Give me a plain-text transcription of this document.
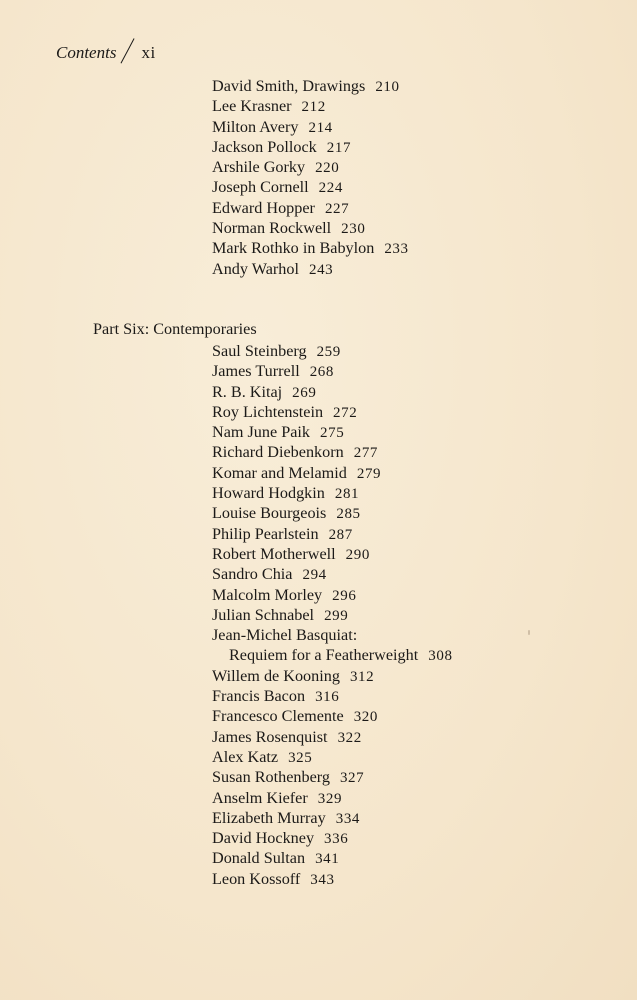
Contents xi
David Smith, Drawings 210
Lee Krasner 212
Milton Avery 214
Jackson Pollock 217
Arshile Gorky 220
Joseph Cornell 224
Edward Hopper 227
Norman Rockwell 230
Mark Rothko in Babylon 233
Andy Warhol 243
Part Six: Contemporaries
Saul Steinberg 259
James Turrell 268
R. B. Kitaj 269
Roy Lichtenstein 272
Nam June Paik 275
Richard Diebenkorn 277
Komar and Melamid 279
Howard Hodgkin 281
Louise Bourgeois 285
Philip Pearlstein 287
Robert Motherwell 290
Sandro Chia 294
Malcolm Morley 296
Julian Schnabel 299
Jean-Michel Basquiat:
Requiem for a Featherweight 308
Willem de Kooning 312
Francis Bacon 316
Francesco Clemente 320
James Rosenquist 322
Alex Katz 325
Susan Rothenberg 327
Anselm Kiefer 329
Elizabeth Murray 334
David Hockney 336
Donald Sultan 341
Leon Kossoff 343
